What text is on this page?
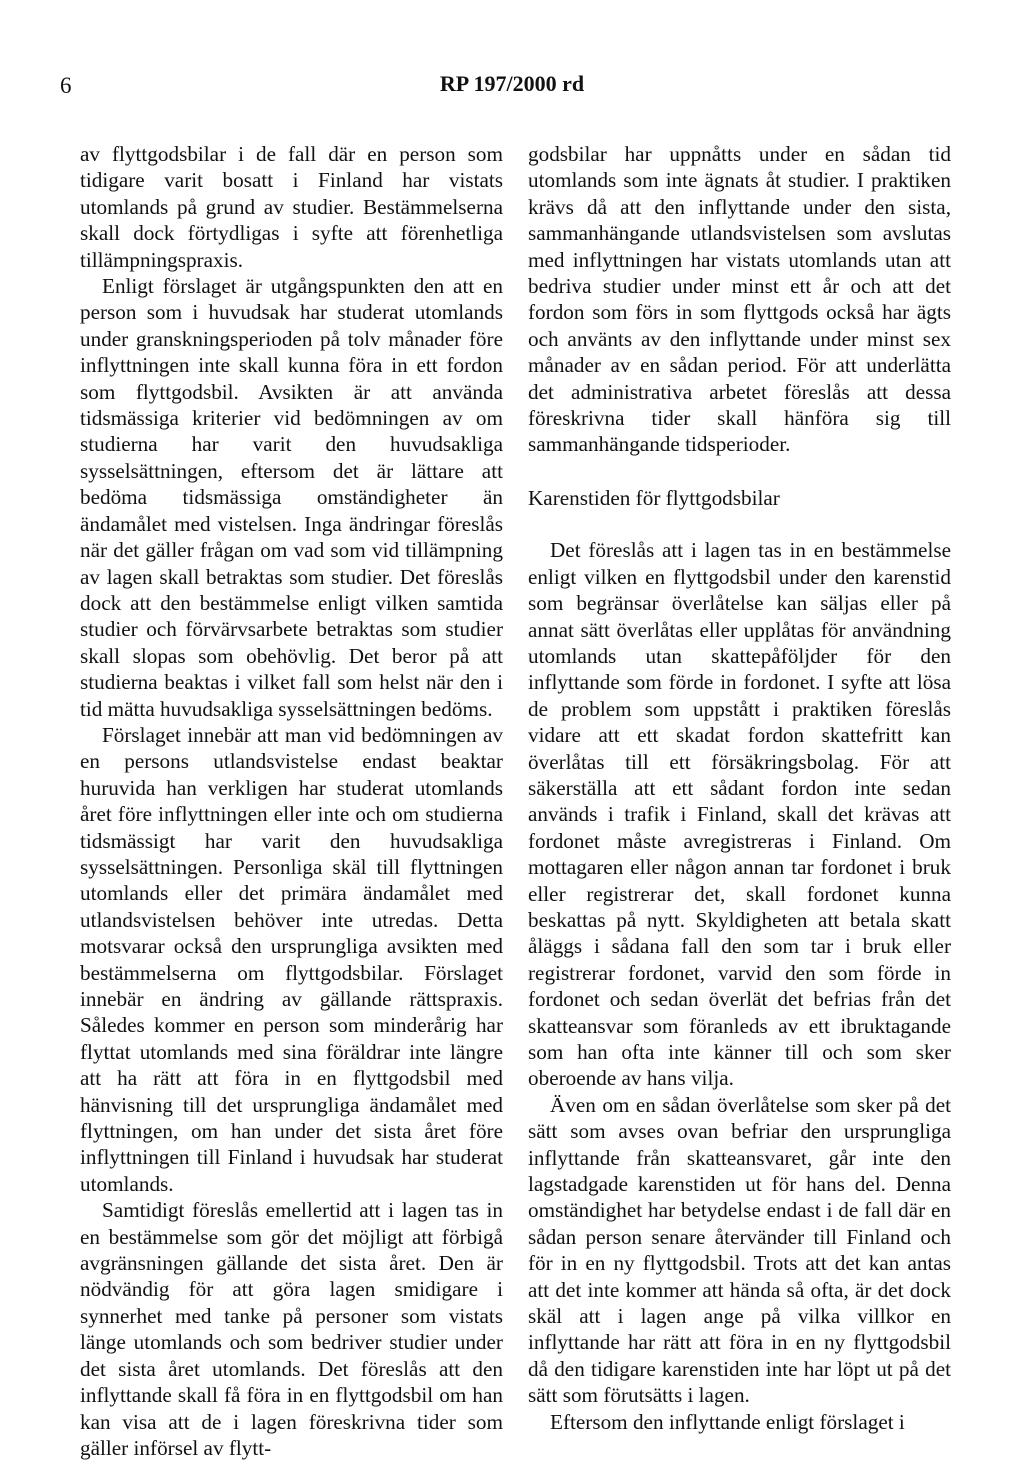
6	RP 197/2000 rd

av flyttgodsbilar i de fall där en person som tidigare varit bosatt i Finland har vistats utomlands på grund av studier. Bestämmelserna skall dock förtydligas i syfte att förenhetliga tillämpningspraxis.

Enligt förslaget är utgångspunkten den att en person som i huvudsak har studerat utomlands under granskningsperioden på tolv månader före inflyttningen inte skall kunna föra in ett fordon som flyttgodsbil. Avsikten är att använda tidsmässiga kriterier vid bedömningen av om studierna har varit den huvudsakliga sysselsättningen, eftersom det är lättare att bedöma tidsmässiga omständigheter än ändamålet med vistelsen. Inga ändringar föreslås när det gäller frågan om vad som vid tillämpning av lagen skall betraktas som studier. Det föreslås dock att den bestämmelse enligt vilken samtida studier och förvärvsarbete betraktas som studier skall slopas som obehövlig. Det beror på att studierna beaktas i vilket fall som helst när den i tid mätta huvudsakliga sysselsättningen bedöms.

Förslaget innebär att man vid bedömningen av en persons utlandsvistelse endast beaktar huruvida han verkligen har studerat utomlands året före inflyttningen eller inte och om studierna tidsmässigt har varit den huvudsakliga sysselsättningen. Personliga skäl till flyttningen utomlands eller det primära ändamålet med utlandsvistelsen behöver inte utredas. Detta motsvarar också den ursprungliga avsikten med bestämmelserna om flyttgodsbilar. Förslaget innebär en ändring av gällande rättspraxis. Således kommer en person som minderårig har flyttat utomlands med sina föräldrar inte längre att ha rätt att föra in en flyttgodsbil med hänvisning till det ursprungliga ändamålet med flyttningen, om han under det sista året före inflyttningen till Finland i huvudsak har studerat utomlands.

Samtidigt föreslås emellertid att i lagen tas in en bestämmelse som gör det möjligt att förbigå avgränsningen gällande det sista året. Den är nödvändig för att göra lagen smidigare i synnerhet med tanke på personer som vistats länge utomlands och som bedriver studier under det sista året utomlands. Det föreslås att den inflyttande skall få föra in en flyttgodsbil om han kan visa att de i lagen föreskrivna tider som gäller införsel av flytt-

godsbilar har uppnåtts under en sådan tid utomlands som inte ägnats åt studier. I praktiken krävs då att den inflyttande under den sista, sammanhängande utlandsvistelsen som avslutas med inflyttningen har vistats utomlands utan att bedriva studier under minst ett år och att det fordon som förs in som flyttgods också har ägts och använts av den inflyttande under minst sex månader av en sådan period. För att underlätta det administrativa arbetet föreslås att dessa föreskrivna tider skall hänföra sig till sammanhängande tidsperioder.

Karenstiden för flyttgodsbilar

Det föreslås att i lagen tas in en bestämmelse enligt vilken en flyttgodsbil under den karenstid som begränsar överlåtelse kan säljas eller på annat sätt överlåtas eller upplåtas för användning utomlands utan skattepåföljder för den inflyttande som förde in fordonet. I syfte att lösa de problem som uppstått i praktiken föreslås vidare att ett skadat fordon skattefritt kan överlåtas till ett försäkringsbolag. För att säkerställa att ett sådant fordon inte sedan används i trafik i Finland, skall det krävas att fordonet måste avregistreras i Finland. Om mottagaren eller någon annan tar fordonet i bruk eller registrerar det, skall fordonet kunna beskattas på nytt. Skyldigheten att betala skatt åläggs i sådana fall den som tar i bruk eller registrerar fordonet, varvid den som förde in fordonet och sedan överlät det befrias från det skatteansvar som föranleds av ett ibruktagande som han ofta inte känner till och som sker oberoende av hans vilja.

Även om en sådan överlåtelse som sker på det sätt som avses ovan befriar den ursprungliga inflyttande från skatteansvaret, går inte den lagstadgade karenstiden ut för hans del. Denna omständighet har betydelse endast i de fall där en sådan person senare återvänder till Finland och för in en ny flyttgodsbil. Trots att det kan antas att det inte kommer att hända så ofta, är det dock skäl att i lagen ange på vilka villkor en inflyttande har rätt att föra in en ny flyttgodsbil då den tidigare karenstiden inte har löpt ut på det sätt som förutsätts i lagen.

Eftersom den inflyttande enligt förslaget i
